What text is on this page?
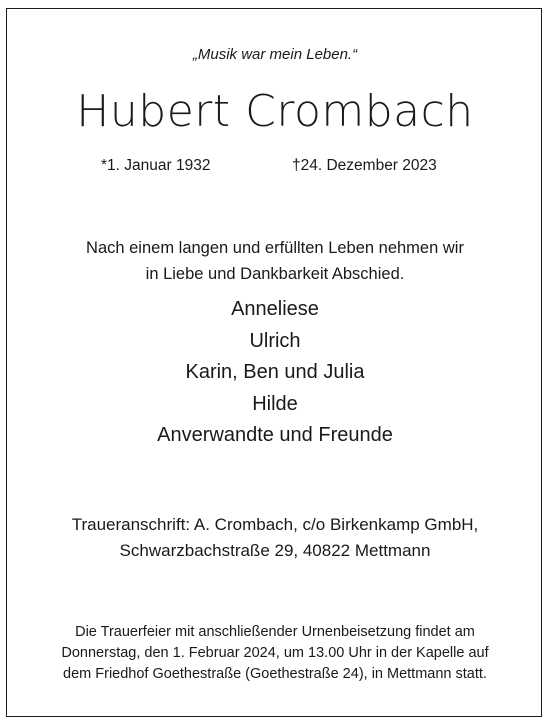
„Musik war mein Leben.“
Hubert Crombach
*1. Januar 1932	†24. Dezember 2023
Nach einem langen und erfüllten Leben nehmen wir
in Liebe und Dankbarkeit Abschied.
Anneliese
Ulrich
Karin, Ben und Julia
Hilde
Anverwandte und Freunde
Traueranschrift: A. Crombach, c/o Birkenkamp GmbH,
Schwarzbachstraße 29, 40822 Mettmann
Die Trauerfeier mit anschließender Urnenbeisetzung findet am
Donnerstag, den 1. Februar 2024, um 13.00 Uhr in der Kapelle auf
dem Friedhof Goethestraße (Goethestraße 24), in Mettmann statt.
